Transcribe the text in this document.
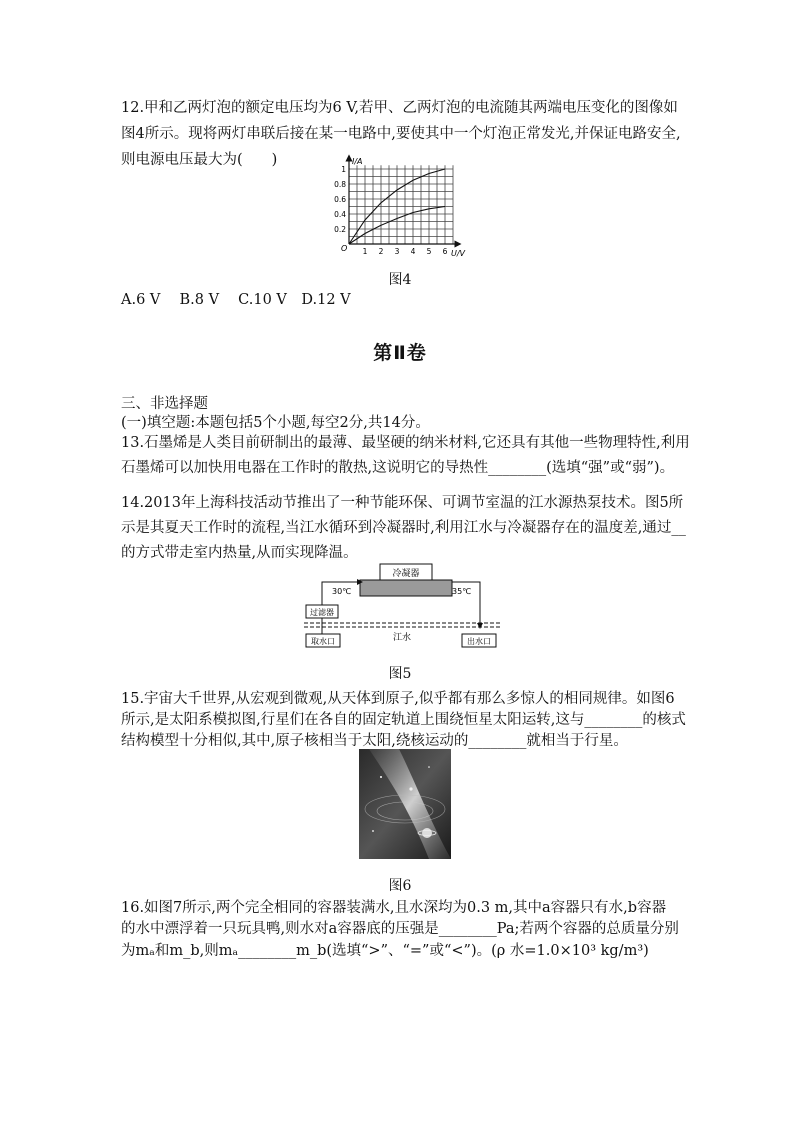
12.甲和乙两灯泡的额定电压均为6 V,若甲、乙两灯泡的电流随其两端电压变化的图像如
图4所示。现将两灯串联后接在某一电路中,要使其中一个灯泡正常发光,并保证电路安全,
则电源电压最大为(　　)	I/A
U/V
O
0.2
0.4
0.6
0.8
1
1 2 3 4 5 6
图4
A.6 V　 B.8 V　 C.10 V　D.12 V
第Ⅱ卷
三、非选择题
(一)填空题:本题包括5个小题,每空2分,共14分。
13.石墨烯是人类目前研制出的最薄、最坚硬的纳米材料,它还具有其他一些物理特性,利用
石墨烯可以加快用电器在工作时的散热,这说明它的导热性________(选填“强”或“弱”)。
14.2013年上海科技活动节推出了一种节能环保、可调节室温的江水源热泵技术。图5所
示是其夏天工作时的流程,当江水循环到冷凝器时,利用江水与冷凝器存在的温度差,通过__
的方式带走室内热量,从而实现降温。
冷凝器
30℃	35℃
过滤器
江水
取水口	出水口
图5
15.宇宙大千世界,从宏观到微观,从天体到原子,似乎都有那么多惊人的相同规律。如图6
所示,是太阳系模拟图,行星们在各自的固定轨道上围绕恒星太阳运转,这与________的核式
结构模型十分相似,其中,原子核相当于太阳,绕核运动的________就相当于行星。
图6
16.如图7所示,两个完全相同的容器装满水,且水深均为0.3 m,其中a容器只有水,b容器
的水中漂浮着一只玩具鸭,则水对a容器底的压强是________Pa;若两个容器的总质量分别
为mₐ和m_b,则mₐ________m_b(选填“>”、“=”或“<”)。(ρ 水=1.0×10³ kg/m³)
